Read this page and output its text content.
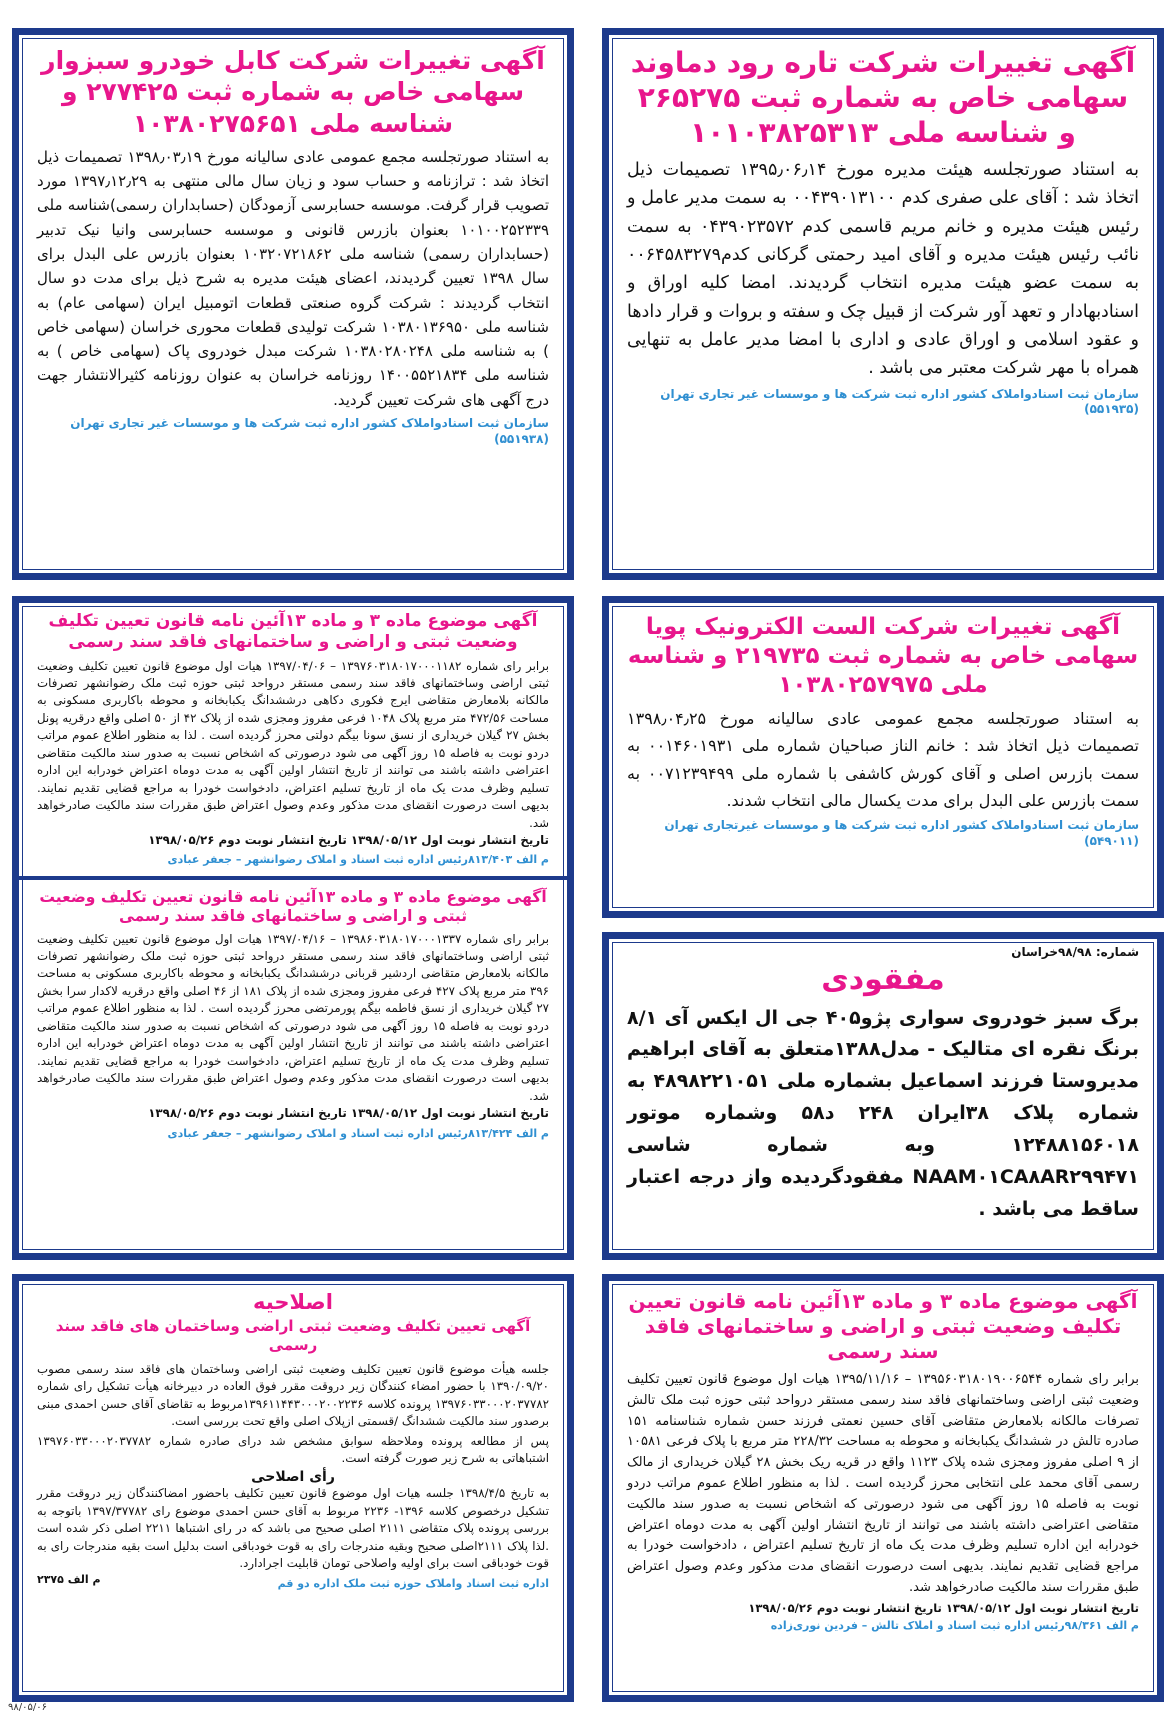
آگهی تغییرات شرکت تاره رود دماوند سهامی خاص به شماره ثبت ۲۶۵۲۷۵ و شناسه ملی ۱۰۱۰۳۸۲۵۳۱۳

به استناد صورتجلسه هیئت مدیره مورخ ۱۳۹۵٫۰۶٫۱۴ تصمیمات ذیل اتخاذ شد : آقای علی صفری کدم ۰۰۴۳۹۰۱۳۱۰۰ به سمت مدیر عامل و رئیس هیئت مدیره و خانم مریم قاسمی کدم ۰۴۳۹۰۲۳۵۷۲ به سمت نائب رئیس هیئت مدیره و آقای امید رحمتی گرکانی کدم۰۰۶۴۵۸۳۲۷۹ به سمت عضو هیئت مدیره انتخاب گردیدند. امضا کلیه اوراق و اسنادبهادار و تعهد آور شرکت از قبیل چک و سفته و بروات و قرار دادها و عقود اسلامی و اوراق عادی و اداری با امضا مدیر عامل به تنهایی همراه با مهر شرکت معتبر می باشد .

سازمان ثبت اسنادواملاک کشور اداره ثبت شرکت ها و موسسات غیر تجاری تهران
(۵۵۱۹۳۵)
آگهی تغییرات شرکت کابل خودرو سبزوار سهامی خاص به شماره ثبت ۲۷۷۴۲۵ و شناسه ملی ۱۰۳۸۰۲۷۵۶۵۱

به استناد صورتجلسه مجمع عمومی عادی سالیانه مورخ ۱۳۹۸٫۰۳٫۱۹ تصمیمات ذیل اتخاذ شد : ترازنامه و حساب سود و زیان سال مالی منتهی به ۱۳۹۷٫۱۲٫۲۹ مورد تصویب قرار گرفت. موسسه حسابرسی آزمودگان (حسابداران رسمی)شناسه ملی ۱۰۱۰۰۲۵۲۳۳۹ بعنوان بازرس قانونی و موسسه حسابرسی وانیا نیک تدبیر (حسابداران رسمی) شناسه ملی ۱۰۳۲۰۷۲۱۸۶۲ بعنوان بازرس علی البدل برای سال ۱۳۹۸ تعیین گردیدند، اعضای هیئت مدیره به شرح ذیل برای مدت دو سال انتخاب گردیدند : شرکت گروه صنعتی قطعات اتومبیل ایران (سهامی عام) به شناسه ملی ۱۰۳۸۰۱۳۶۹۵۰ شرکت تولیدی قطعات محوری خراسان (سهامی خاص ) به شناسه ملی ۱۰۳۸۰۲۸۰۲۴۸ شرکت مبدل خودروی پاک (سهامی خاص ) به شناسه ملی ۱۴۰۰۵۵۲۱۸۳۴ روزنامه خراسان به عنوان روزنامه کثیرالانتشار جهت درج آگهی های شرکت تعیین گردید.

سازمان ثبت اسنادواملاک کشور اداره ثبت شرکت ها و موسسات غیر تجاری تهران
(۵۵۱۹۳۸)
آگهی تغییرات شرکت الست الکترونیک پویا سهامی خاص به شماره ثبت ۲۱۹۷۳۵ و شناسه ملی ۱۰۳۸۰۲۵۷۹۷۵

به استناد صورتجلسه مجمع عمومی عادی سالیانه مورخ ۱۳۹۸٫۰۴٫۲۵ تصمیمات ذیل اتخاذ شد : خانم الناز صباحیان شماره ملی ۰۰۱۴۶۰۱۹۳۱ به سمت بازرس اصلی و آقای کورش کاشفی با شماره ملی ۰۰۷۱۲۳۹۴۹۹ به سمت بازرس علی البدل برای مدت یکسال مالی انتخاب شدند.

سازمان ثبت اسنادواملاک کشور اداره ثبت شرکت ها و موسسات غیرتجاری تهران (۵۴۹۰۱۱)
آگهی موضوع ماده ۳ و ماده ۱۳آئین نامه قانون تعیین تکلیف وضعیت ثبتی و اراضی و ساختمانهای فاقد سند رسمی

برابر رای شماره ۱۳۹۷۶۰۳۱۸۰۱۷۰۰۰۱۱۸۲ – ۱۳۹۷/۰۴/۰۶ هیات اول موضوع قانون تعیین تکلیف وضعیت ثبتی اراضی وساختمانهای فاقد سند رسمی مستقر درواحد ثبتی حوزه ثبت ملک رضوانشهر تصرفات مالکانه بلامعارض متقاضی ایرج فکوری دکاهی درششدانگ یکبابخانه و محوطه باکاربری مسکونی به مساحت ۴۷۲/۵۶ متر مربع پلاک ۱۰۴۸ فرعی مفروز ومجزی شده از پلاک ۴۲ از ۵۰ اصلی واقع درقریه پونل بخش ۲۷ گیلان خریداری از نسق سونا بیگم دولتی محرز گردیده است . لذا به منظور اطلاع عموم مراتب دردو نوبت به فاصله ۱۵ روز آگهی می شود درصورتی که اشخاص نسبت به صدور سند مالکیت متقاضی اعتراضی داشته باشند می توانند از تاریخ انتشار اولین آگهی به مدت دوماه اعتراض خودرابه این اداره تسلیم وظرف مدت یک ماه از تاریخ تسلیم اعتراض، دادخواست خودرا به مراجع قضایی تقدیم نمایند. بدیهی است درصورت انقضای مدت مذکور وعدم وصول اعتراض طبق مقررات سند مالکیت صادرخواهد شد.

تاریخ انتشار نوبت اول ۱۳۹۸/۰۵/۱۲ تاریخ انتشار نوبت دوم ۱۳۹۸/۰۵/۲۶
م الف ۸۱۳/۴۰۳رئیس اداره ثبت اسناد و املاک رضوانشهر – جعفر عبادی
آگهی موضوع ماده ۳ و ماده ۱۳آئین نامه قانون تعیین تکلیف وضعیت ثبتی و اراضی و ساختمانهای فاقد سند رسمی

برابر رای شماره ۱۳۹۸۶۰۳۱۸۰۱۷۰۰۰۱۳۳۷ – ۱۳۹۷/۰۴/۱۶ هیات اول موضوع قانون تعیین تکلیف وضعیت ثبتی اراضی وساختمانهای فاقد سند رسمی مستقر درواحد ثبتی حوزه ثبت ملک رضوانشهر تصرفات مالکانه بلامعارض متقاضی اردشیر قربانی درششدانگ یکبابخانه و محوطه باکاربری مسکونی به مساحت ۳۹۶ متر مربع پلاک ۴۲۷ فرعی مفروز ومجزی شده از پلاک ۱۸۱ از ۴۶ اصلی واقع درقریه لاکدار سرا بخش ۲۷ گیلان خریداری از نسق فاطمه بیگم پورمرتضی محرز گردیده است . لذا به منظور اطلاع عموم مراتب دردو نوبت به فاصله ۱۵ روز آگهی می شود درصورتی که اشخاص نسبت به صدور سند مالکیت متقاضی اعتراضی داشته باشند می توانند از تاریخ انتشار اولین آگهی به مدت دوماه اعتراض خودرابه این اداره تسلیم وظرف مدت یک ماه از تاریخ تسلیم اعتراض، دادخواست خودرا به مراجع قضایی تقدیم نمایند. بدیهی است درصورت انقضای مدت مذکور وعدم وصول اعتراض طبق مقررات سند مالکیت صادرخواهد شد.

تاریخ انتشار نوبت اول ۱۳۹۸/۰۵/۱۲ تاریخ انتشار نوبت دوم ۱۳۹۸/۰۵/۲۶
م الف ۸۱۳/۴۲۴رئیس اداره ثبت اسناد و املاک رضوانشهر – جعفر عبادی
شماره: ۹۸/۹۸خراسان
مفقودی

برگ سبز خودروی سواری پژو۴۰۵ جی ال ایکس آی ۸/۱ برنگ نقره ای متالیک - مدل۱۳۸۸متعلق به آقای ابراهیم مدیروستا فرزند اسماعیل بشماره ملی ۴۸۹۸۲۲۱۰۵۱ به شماره پلاک ۳۸ایران ۲۴۸ د۵۸ وشماره موتور ۱۲۴۸۸۱۵۶۰۱۸ وبه شماره شاسی NAAM۰۱CA۸AR۲۹۹۴۷۱ مفقودگردیده واز درجه اعتبار ساقط می باشد .

اصلاحیه
آگهی تعیین تکلیف وضعیت ثبتی اراضی وساختمان های فاقد سند رسمی

جلسه هیأت موضوع قانون تعیین تکلیف وضعیت ثبتی اراضی وساختمان های فاقد سند رسمی مصوب ۱۳۹۰/۰۹/۲۰ با حضور امضاء کنندگان زیر دروقت مقرر فوق العاده در دبیرخانه هیأت تشکیل رای شماره ۱۳۹۷۶۰۳۳۰۰۰۲۰۳۷۷۸۲ پرونده کلاسه ۱۳۹۶۱۱۴۴۳۰۰۰۲۰۰۲۲۳۶مربوط به تقاضای آقای حسن احمدی مبنی برصدور سند مالکیت ششدانگ /قسمتی ازپلاک اصلی واقع تحت بررسی است.

پس از مطالعه پرونده وملاحظه سوابق مشخص شد درای صادره شماره ۱۳۹۷۶۰۳۳۰۰۰۲۰۳۷۷۸۲ اشتباهاتی به شرح زیر صورت گرفته است.

رأی اصلاحی

به تاریخ ۱۳۹۸/۴/۵ جلسه هیات اول موضوع قانون تعیین تکلیف باحضور امضاکنندگان زیر دروقت مقرر تشکیل درخصوص کلاسه ۱۳۹۶- ۲۲۳۶ مربوط به آقای حسن احمدی موضوع رای ۱۳۹۷/۳۷۷۸۲ باتوجه به بررسی پرونده پلاک متقاضی ۲۱۱۱ اصلی صحیح می باشد که در رای اشتباها ۲۲۱۱ اصلی ذکر شده است .لذا پلاک ۲۱۱۱اصلی صحیح وبقیه مندرجات رای به قوت خودباقی است بدلیل است بقیه مندرجات رای به قوت خودباقی است برای اولیه واصلاحی تومان قابلیت اجرادارد.

اداره ثبت اسناد واملاک حوزه ثبت ملک اداره دو قم
م الف ۲۳۷۵
آگهی موضوع ماده ۳ و ماده ۱۳آئین نامه قانون تعیین تکلیف وضعیت ثبتی و اراضی و ساختمانهای فاقد سند رسمی

برابر رای شماره ۱۳۹۵۶۰۳۱۸۰۱۹۰۰۶۵۴۴ – ۱۳۹۵/۱۱/۱۶ هیات اول موضوع قانون تعیین تکلیف وضعیت ثبتی اراضی وساختمانهای فاقد سند رسمی مستقر درواحد ثبتی حوزه ثبت ملک تالش تصرفات مالکانه بلامعارض متقاضی آقای حسین نعمتی فرزند حسن شماره شناسنامه ۱۵۱ صادره تالش در ششدانگ یکبابخانه و محوطه به مساحت ۲۲۸/۳۲ متر مربع با پلاک فرعی ۱۰۵۸۱ از ۹ اصلی مفروز ومجزی شده پلاک ۱۱۲۳ واقع در قریه ریک بخش ۲۸ گیلان خریداری از مالک رسمی آقای محمد علی انتخابی محرز گردیده است . لذا به منظور اطلاع عموم مراتب دردو نوبت به فاصله ۱۵ روز آگهی می شود درصورتی که اشخاص نسبت به صدور سند مالکیت متقاضی اعتراضی داشته باشند می توانند از تاریخ انتشار اولین آگهی به مدت دوماه اعتراض خودرابه این اداره تسلیم وظرف مدت یک ماه از تاریخ تسلیم اعتراض ، دادخواست خودرا به مراجع قضایی تقدیم نمایند. بدیهی است درصورت انقضای مدت مذکور وعدم وصول اعتراض طبق مقررات سند مالکیت صادرخواهد شد.

تاریخ انتشار نوبت اول ۱۳۹۸/۰۵/۱۲ تاریخ انتشار نوبت دوم ۱۳۹۸/۰۵/۲۶
م الف ۹۸/۳۶۱رئیس اداره ثبت اسناد و املاک تالش – فردین نوری‌زاده
۹۸/۰۵/۰۶
